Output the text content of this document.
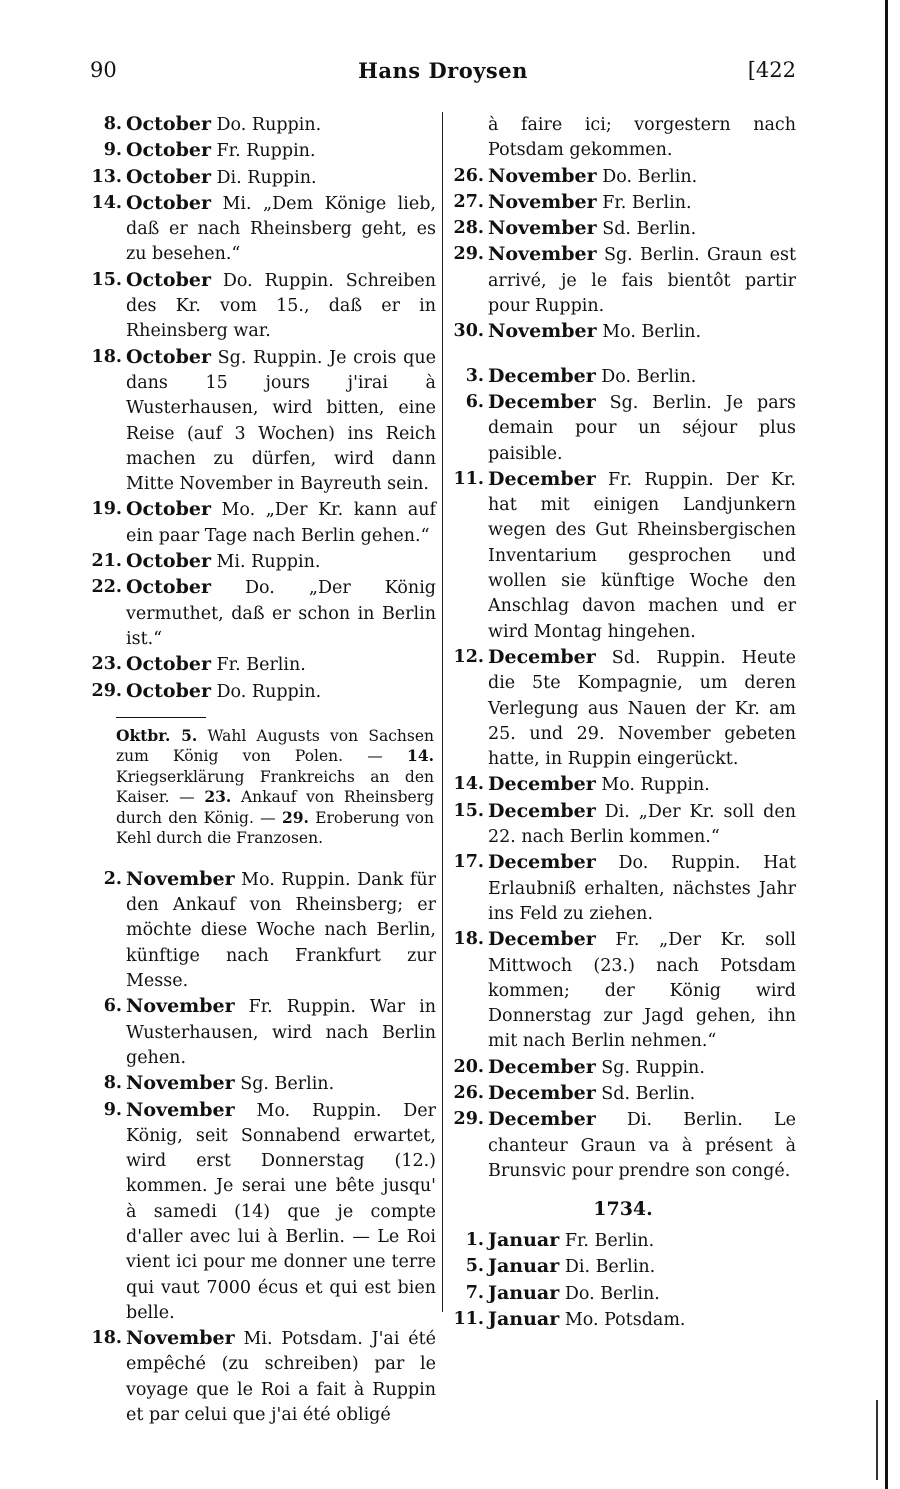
90	Hans Droysen	[422

8. October Do. Ruppin.

9. October Fr. Ruppin.

13. October Di. Ruppin.

14. October Mi. „Dem Könige lieb, daß er nach Rheinsberg geht, es zu besehen.“

15. October Do. Ruppin. Schreiben des Kr. vom 15., daß er in Rheinsberg war.

18. October Sg. Ruppin. Je crois que dans 15 jours j'irai à Wusterhausen, wird bitten, eine Reise (auf 3 Wochen) ins Reich machen zu dürfen, wird dann Mitte November in Bayreuth sein.

19. October Mo. „Der Kr. kann auf ein paar Tage nach Berlin gehen.“

21. October Mi. Ruppin.

22. October Do. „Der König vermuthet, daß er schon in Berlin ist.“

23. October Fr. Berlin.

29. October Do. Ruppin.

Oktbr. 5. Wahl Augusts von Sachsen zum König von Polen. — 14. Kriegserklärung Frankreichs an den Kaiser. — 23. Ankauf von Rheinsberg durch den König. — 29. Eroberung von Kehl durch die Franzosen.

2. November Mo. Ruppin. Dank für den Ankauf von Rheinsberg; er möchte diese Woche nach Berlin, künftige nach Frankfurt zur Messe.

6. November Fr. Ruppin. War in Wusterhausen, wird nach Berlin gehen.

8. November Sg. Berlin.

9. November Mo. Ruppin. Der König, seit Sonnabend erwartet, wird erst Donnerstag (12.) kommen. Je serai une bête jusqu' à samedi (14) que je compte d'aller avec lui à Berlin. — Le Roi vient ici pour me donner une terre qui vaut 7000 écus et qui est bien belle.

18. November Mi. Potsdam. J'ai été empêché (zu schreiben) par le voyage que le Roi a fait à Ruppin et par celui que j'ai été obligé

à faire ici; vorgestern nach Potsdam gekommen.

26. November Do. Berlin.

27. November Fr. Berlin.

28. November Sd. Berlin.

29. November Sg. Berlin. Graun est arrivé, je le fais bientôt partir pour Ruppin.

30. November Mo. Berlin.

3. December Do. Berlin.

6. December Sg. Berlin. Je pars demain pour un séjour plus paisible.

11. December Fr. Ruppin. Der Kr. hat mit einigen Landjunkern wegen des Gut Rheinsbergischen Inventarium gesprochen und wollen sie künftige Woche den Anschlag davon machen und er wird Montag hingehen.

12. December Sd. Ruppin. Heute die 5te Kompagnie, um deren Verlegung aus Nauen der Kr. am 25. und 29. November gebeten hatte, in Ruppin eingerückt.

14. December Mo. Ruppin.

15. December Di. „Der Kr. soll den 22. nach Berlin kommen.“

17. December Do. Ruppin. Hat Erlaubniß erhalten, nächstes Jahr ins Feld zu ziehen.

18. December Fr. „Der Kr. soll Mittwoch (23.) nach Potsdam kommen; der König wird Donnerstag zur Jagd gehen, ihn mit nach Berlin nehmen.“

20. December Sg. Ruppin.

26. December Sd. Berlin.

29. December Di. Berlin. Le chanteur Graun va à présent à Brunsvic pour prendre son congé.

1734.

1. Januar Fr. Berlin.

5. Januar Di. Berlin.

7. Januar Do. Berlin.

11. Januar Mo. Potsdam.
